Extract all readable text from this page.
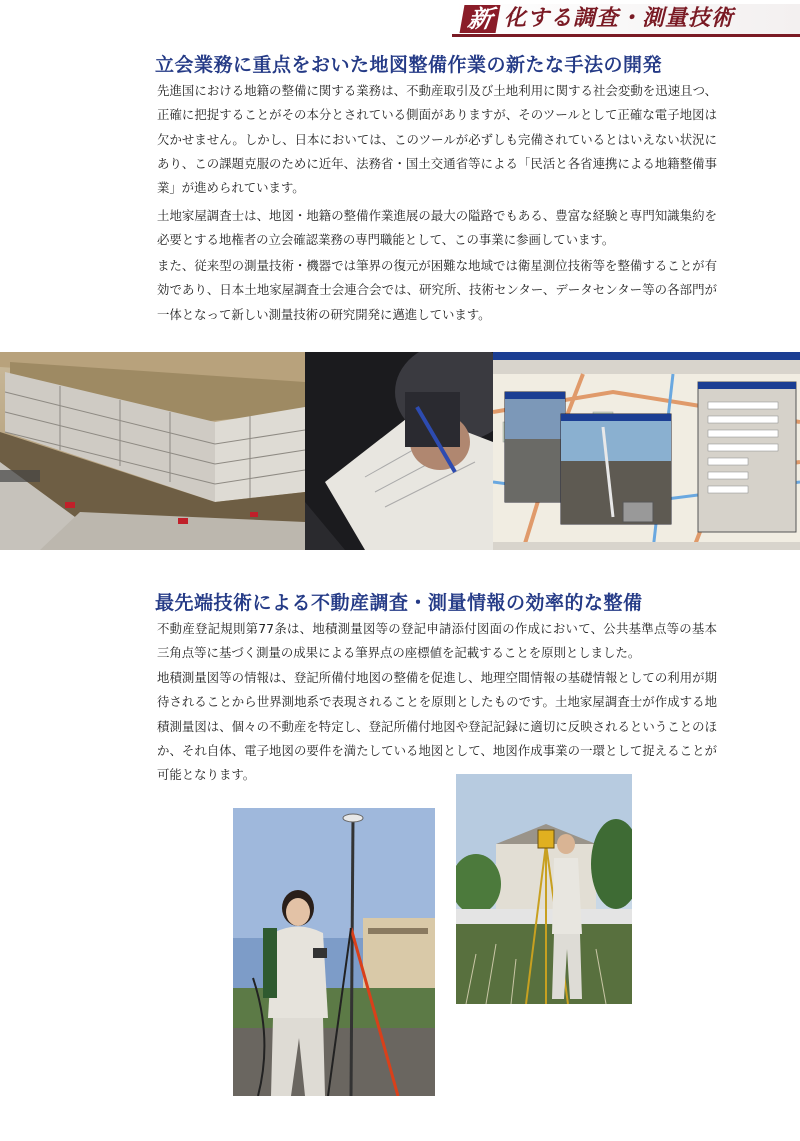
新 化する調査・測量技術
立会業務に重点をおいた地図整備作業の新たな手法の開発

先進国における地籍の整備に関する業務は、不動産取引及び土地利用に関する社会変動を迅速且つ、正確に把捉することがその本分とされている側面がありますが、そのツールとして正確な電子地図は欠かせません。しかし、日本においては、このツールが必ずしも完備されているとはいえない状況にあり、この課題克服のために近年、法務省・国土交通省等による「民活と各省連携による地籍整備事業」が進められています。

土地家屋調査士は、地図・地籍の整備作業進展の最大の隘路でもある、豊富な経験と専門知識集約を必要とする地権者の立会確認業務の専門職能として、この事業に参画しています。

また、従来型の測量技術・機器では筆界の復元が困難な地域では衛星測位技術等を整備することが有効であり、日本土地家屋調査士会連合会では、研究所、技術センター、データセンター等の各部門が一体となって新しい測量技術の研究開発に邁進しています。

最先端技術による不動産調査・測量情報の効率的な整備

不動産登記規則第77条は、地積測量図等の登記申請添付図面の作成において、公共基準点等の基本三角点等に基づく測量の成果による筆界点の座標値を記載することを原則としました。

地積測量図等の情報は、登記所備付地図の整備を促進し、地理空間情報の基礎情報としての利用が期待されることから世界測地系で表現されることを原則としたものです。土地家屋調査士が作成する地積測量図は、個々の不動産を特定し、登記所備付地図や登記記録に適切に反映されるということのほか、それ自体、電子地図の要件を満たしている地図として、地図作成事業の一環として捉えることが可能となります。
